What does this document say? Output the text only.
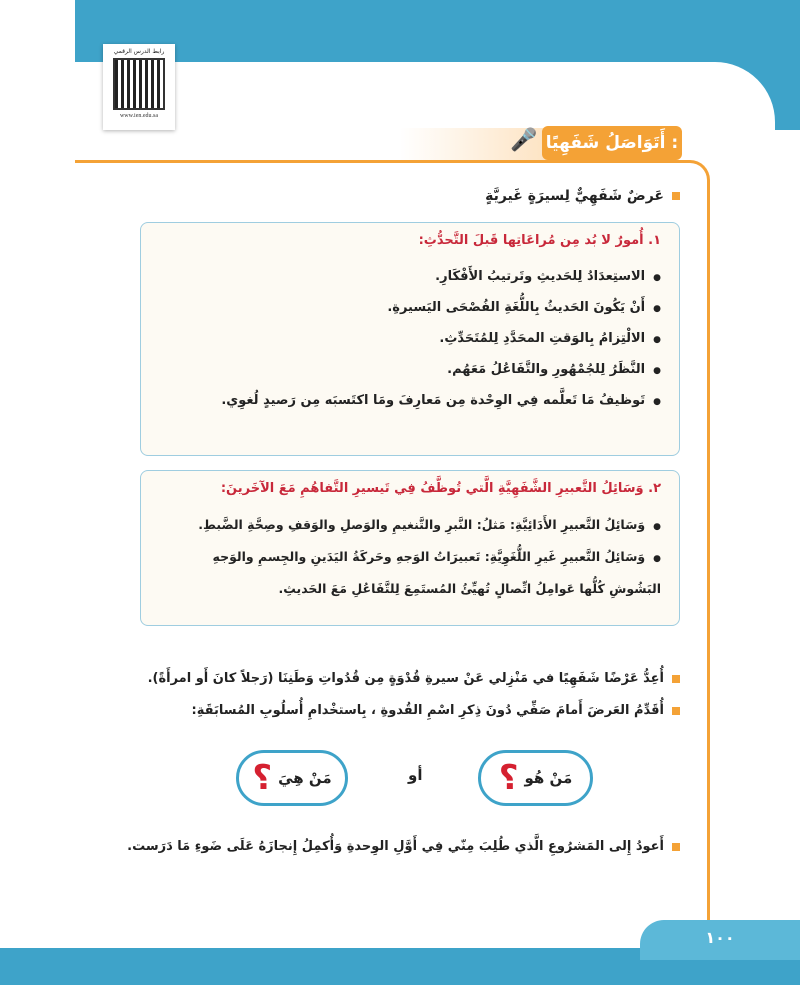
رابط الدرس الرقمي
www.ien.edu.sa
🎤 أَتَوَاصَلُ شَفَهِيًا :
عَرضٌ شَفَهِيٌّ لِسيرَةٍ غَيريَّةٍ
١. أُمورٌ لا بُد مِن مُراعَاتِها قَبلَ التَّحدُّثِ:
● الاستِعدَادُ لِلحَديثِ وتَرتيبُ الأَفْكَارِ.
● أَنْ يَكُونَ الحَديثُ بِاللُّغَةِ الفُصْحَى اليَسيرةِ.
● الالْتِزامُ بِالوَقتِ المحَدَّدِ لِلمُتَحَدِّثِ.
● النَّظَرُ لِلجُمْهُورِ والتَّفَاعُلُ مَعَهُم.
● تَوظيفُ مَا تَعلَّمه فِي الوِحْدة مِن مَعارِفَ ومَا اكتَسبَه مِن رَصيدٍ لُغوِي.
٢. وَسَائِلُ التَّعبيرِ الشَّفَهِيَّةِ الَّتي تُوظَّفُ فِي تَيسيرِ التَّفاهُمِ مَعَ الآخَرينَ:
● وَسَائِلُ التَّعبيرِ الأَدَائِيَّةِ: مَثلُ: النَّبرِ والتَّنغيمِ والوَصلِ والوَقفِ وصِحَّةِ الضَّبطِ.
● وَسَائِلُ التَّعبيرِ غَيرِ اللُّغَوِيَّةِ: تَعبيرَاتُ الوَجهِ وحَركَةُ اليَدَينِ والجِسمِ والوَجهِ البَشُوشِ كُلُّها عَوامِلُ اتِّصالٍ تُهيِّئُ المُستَمِعَ لِلتَّفَاعُلِ مَعَ الحَديثِ.
أُعِدُّ عَرْضًا شَفَهِيًا في مَنْزِلي عَنْ سيرةِ قُدْوَةٍ مِن قُدُواتِ وَطَنِنَا (رَجلاً كانَ أَو امرأَةً).
أُقَدِّمُ العَرضَ أَمامَ صَفِّي دُونَ ذِكرِ اسْمِ القُدوةِ ، بِاستخْدامِ أُسلُوبِ المُسابَقَةِ:
مَنْ هُو
؟
أو
مَنْ هِيَ
؟
أَعودُ إِلى المَشرُوعِ الَّذي طُلِبَ مِنّي فِي أَوَّلِ الوِحدةِ وَأُكمِلُ إِنجازَهُ عَلَى ضَوءِ مَا دَرَست.
١٠٠
